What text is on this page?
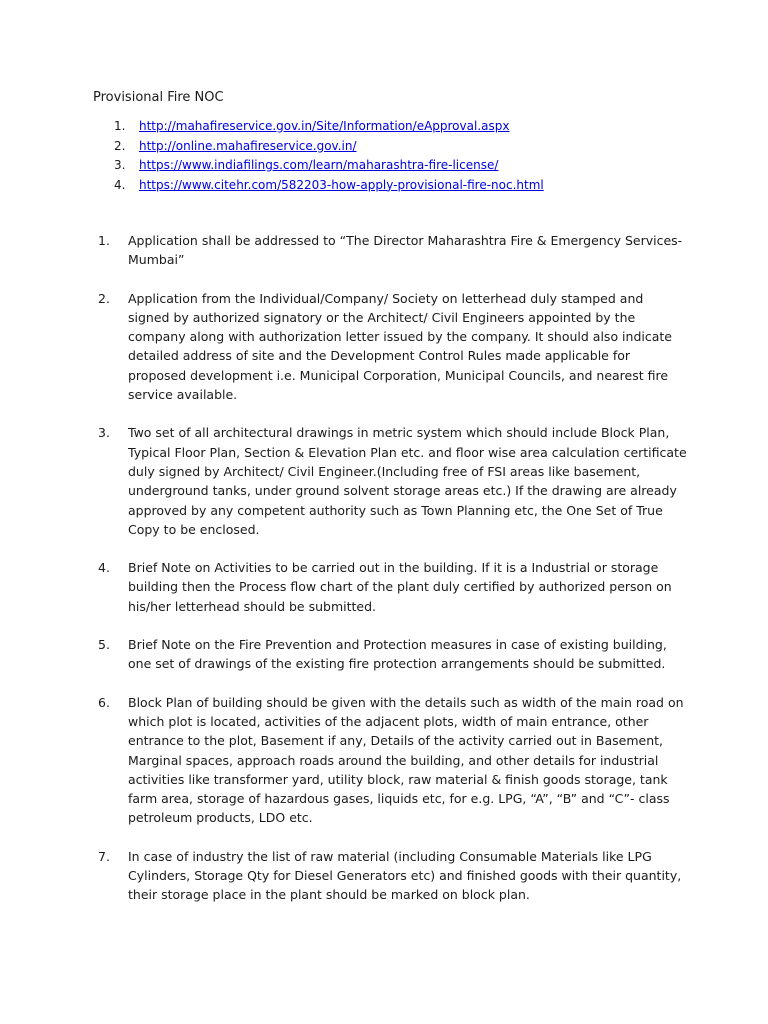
Provisional Fire NOC
1.	http://mahafireservice.gov.in/Site/Information/eApproval.aspx
2.	http://online.mahafireservice.gov.in/
3.	https://www.indiafilings.com/learn/maharashtra-fire-license/
4.	https://www.citehr.com/582203-how-apply-provisional-fire-noc.html
1.	Application shall be addressed to “The Director Maharashtra Fire & Emergency Services-Mumbai”
2.	Application from the Individual/Company/ Society on letterhead duly stamped and signed by authorized signatory or the Architect/ Civil Engineers appointed by the company along with authorization letter issued by the company. It should also indicate detailed address of site and the Development Control Rules made applicable for proposed development i.e. Municipal Corporation, Municipal Councils, and nearest fire service available.
3.	Two set of all architectural drawings in metric system which should include Block Plan, Typical Floor Plan, Section & Elevation Plan etc. and floor wise area calculation certificate duly signed by Architect/ Civil Engineer.(Including free of FSI areas like basement, underground tanks, under ground solvent storage areas etc.) If the drawing are already approved by any competent authority such as Town Planning etc, the One Set of True Copy to be enclosed.
4.	Brief Note on Activities to be carried out in the building. If it is a Industrial or storage building then the Process flow chart of the plant duly certified by authorized person on his/her letterhead should be submitted.
5.	Brief Note on the Fire Prevention and Protection measures in case of existing building, one set of drawings of the existing fire protection arrangements should be submitted.
6.	Block Plan of building should be given with the details such as width of the main road on which plot is located, activities of the adjacent plots, width of main entrance, other entrance to the plot, Basement if any, Details of the activity carried out in Basement, Marginal spaces, approach roads around the building, and other details for industrial activities like transformer yard, utility block, raw material & finish goods storage, tank farm area, storage of hazardous gases, liquids etc, for e.g. LPG, “A”, “B” and “C”- class petroleum products, LDO etc.
7.	In case of industry the list of raw material (including Consumable Materials like LPG Cylinders, Storage Qty for Diesel Generators etc) and finished goods with their quantity, their storage place in the plant should be marked on block plan.
